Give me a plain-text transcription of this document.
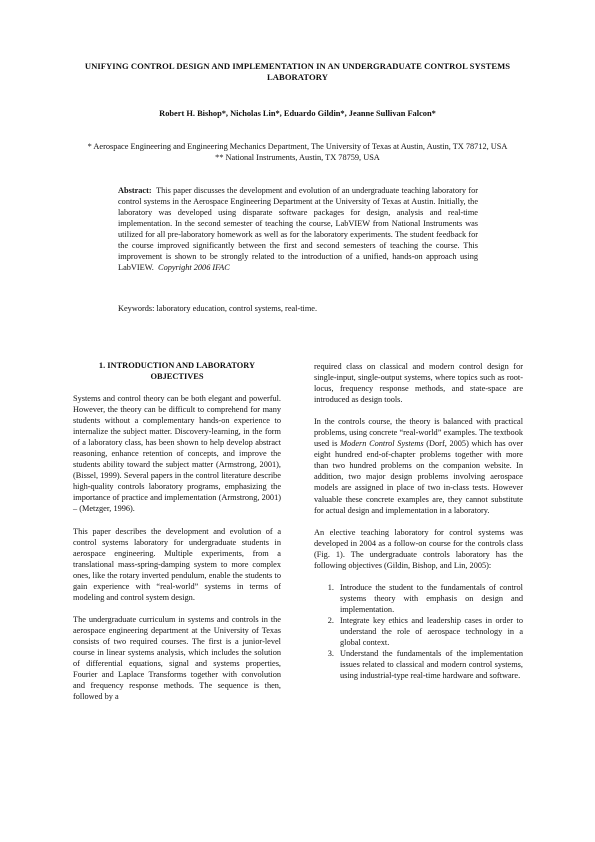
UNIFYING CONTROL DESIGN AND IMPLEMENTATION IN AN UNDERGRADUATE CONTROL SYSTEMS LABORATORY
Robert H. Bishop*, Nicholas Lin*, Eduardo Gildin*, Jeanne Sullivan Falcon*
* Aerospace Engineering and Engineering Mechanics Department, The University of Texas at Austin, Austin, TX 78712, USA
** National Instruments, Austin, TX 78759, USA
Abstract: This paper discusses the development and evolution of an undergraduate teaching laboratory for control systems in the Aerospace Engineering Department at the University of Texas at Austin. Initially, the laboratory was developed using disparate software packages for design, analysis and real-time implementation. In the second semester of teaching the course, LabVIEW from National Instruments was utilized for all pre-laboratory homework as well as for the laboratory experiments. The student feedback for the course improved significantly between the first and second semesters of teaching the course. This improvement is shown to be strongly related to the introduction of a unified, hands-on approach using LabVIEW. Copyright 2006 IFAC
Keywords: laboratory education, control systems, real-time.
1. INTRODUCTION AND LABORATORY OBJECTIVES

Systems and control theory can be both elegant and powerful. However, the theory can be difficult to comprehend for many students without a complementary hands-on experience to internalize the subject matter. Discovery-learning, in the form of a laboratory class, has been shown to help develop abstract reasoning, enhance retention of concepts, and improve the students ability toward the subject matter (Armstrong, 2001), (Bissel, 1999). Several papers in the control literature describe high-quality controls laboratory programs, emphasizing the importance of practice and implementation (Armstrong, 2001) – (Metzger, 1996).

This paper describes the development and evolution of a control systems laboratory for undergraduate students in aerospace engineering. Multiple experiments, from a translational mass-spring-damping system to more complex ones, like the rotary inverted pendulum, enable the students to gain experience with “real-world” systems in terms of modeling and control system design.

The undergraduate curriculum in systems and controls in the aerospace engineering department at the University of Texas consists of two required courses. The first is a junior-level course in linear systems analysis, which includes the solution of differential equations, signal and systems properties, Fourier and Laplace Transforms together with convolution and frequency response methods. The sequence is then, followed by a

required class on classical and modern control design for single-input, single-output systems, where topics such as root-locus, frequency response methods, and state-space are introduced as design tools.

In the controls course, the theory is balanced with practical problems, using concrete “real-world” examples. The textbook used is Modern Control Systems (Dorf, 2005) which has over eight hundred end-of-chapter problems together with more than two hundred problems on the companion website. In addition, two major design problems involving aerospace models are assigned in place of two in-class tests. However valuable these concrete examples are, they cannot substitute for actual design and implementation in a laboratory.

An elective teaching laboratory for control systems was developed in 2004 as a follow-on course for the controls class (Fig. 1). The undergraduate controls laboratory has the following objectives (Gildin, Bishop, and Lin, 2005):

1. Introduce the student to the fundamentals of control systems theory with emphasis on design and implementation.
2. Integrate key ethics and leadership cases in order to understand the role of aerospace technology in a global context.
3. Understand the fundamentals of the implementation issues related to classical and modern control systems, using industrial-type real-time hardware and software.
